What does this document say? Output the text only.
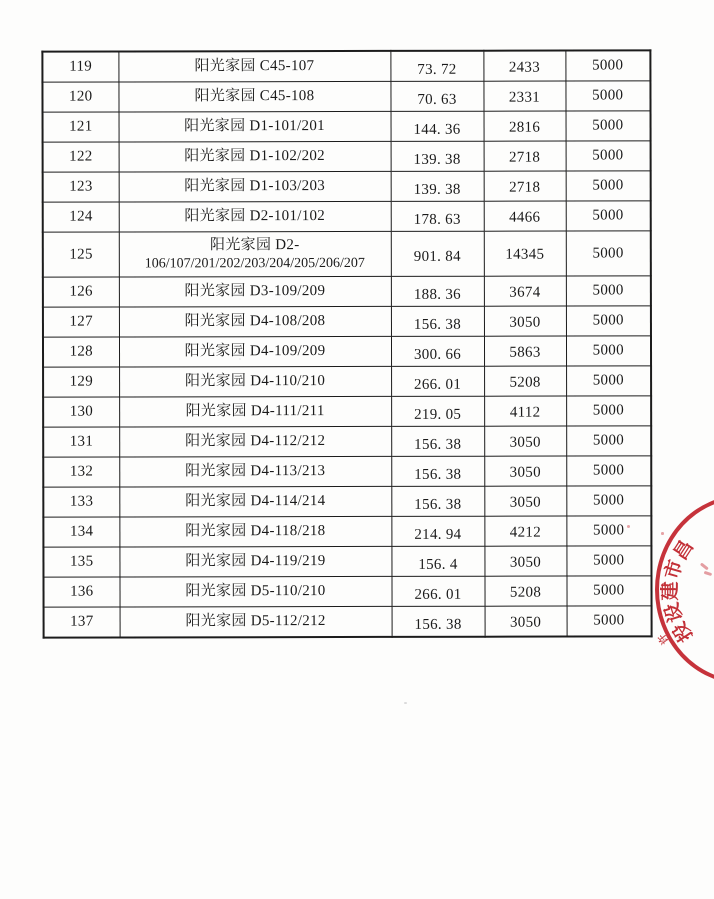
119	阳光家园 C45-107	73. 72	2433	5000
120	阳光家园 C45-108	70. 63	2331	5000
121	阳光家园 D1-101/201	144. 36	2816	5000
122	阳光家园 D1-102/202	139. 38	2718	5000
123	阳光家园 D1-103/203	139. 38	2718	5000
124	阳光家园 D2-101/102	178. 63	4466	5000
125	阳光家园 D2-
106/107/201/202/203/204/205/206/207	901. 84	14345	5000
126	阳光家园 D3-109/209	188. 36	3674	5000
127	阳光家园 D4-108/208	156. 38	3050	5000
128	阳光家园 D4-109/209	300. 66	5863	5000
129	阳光家园 D4-110/210	266. 01	5208	5000
130	阳光家园 D4-111/211	219. 05	4112	5000
131	阳光家园 D4-112/212	156. 38	3050	5000
132	阳光家园 D4-113/213	156. 38	3050	5000
133	阳光家园 D4-114/214	156. 38	3050	5000
134	阳光家园 D4-118/218	214. 94	4212	5000
135	阳光家园 D4-119/219	156. 4	3050	5000
136	阳光家园 D5-110/210	266. 01	5208	5000
137	阳光家园 D5-112/212	156. 38	3050	5000
昌
市
建
设
投
许
